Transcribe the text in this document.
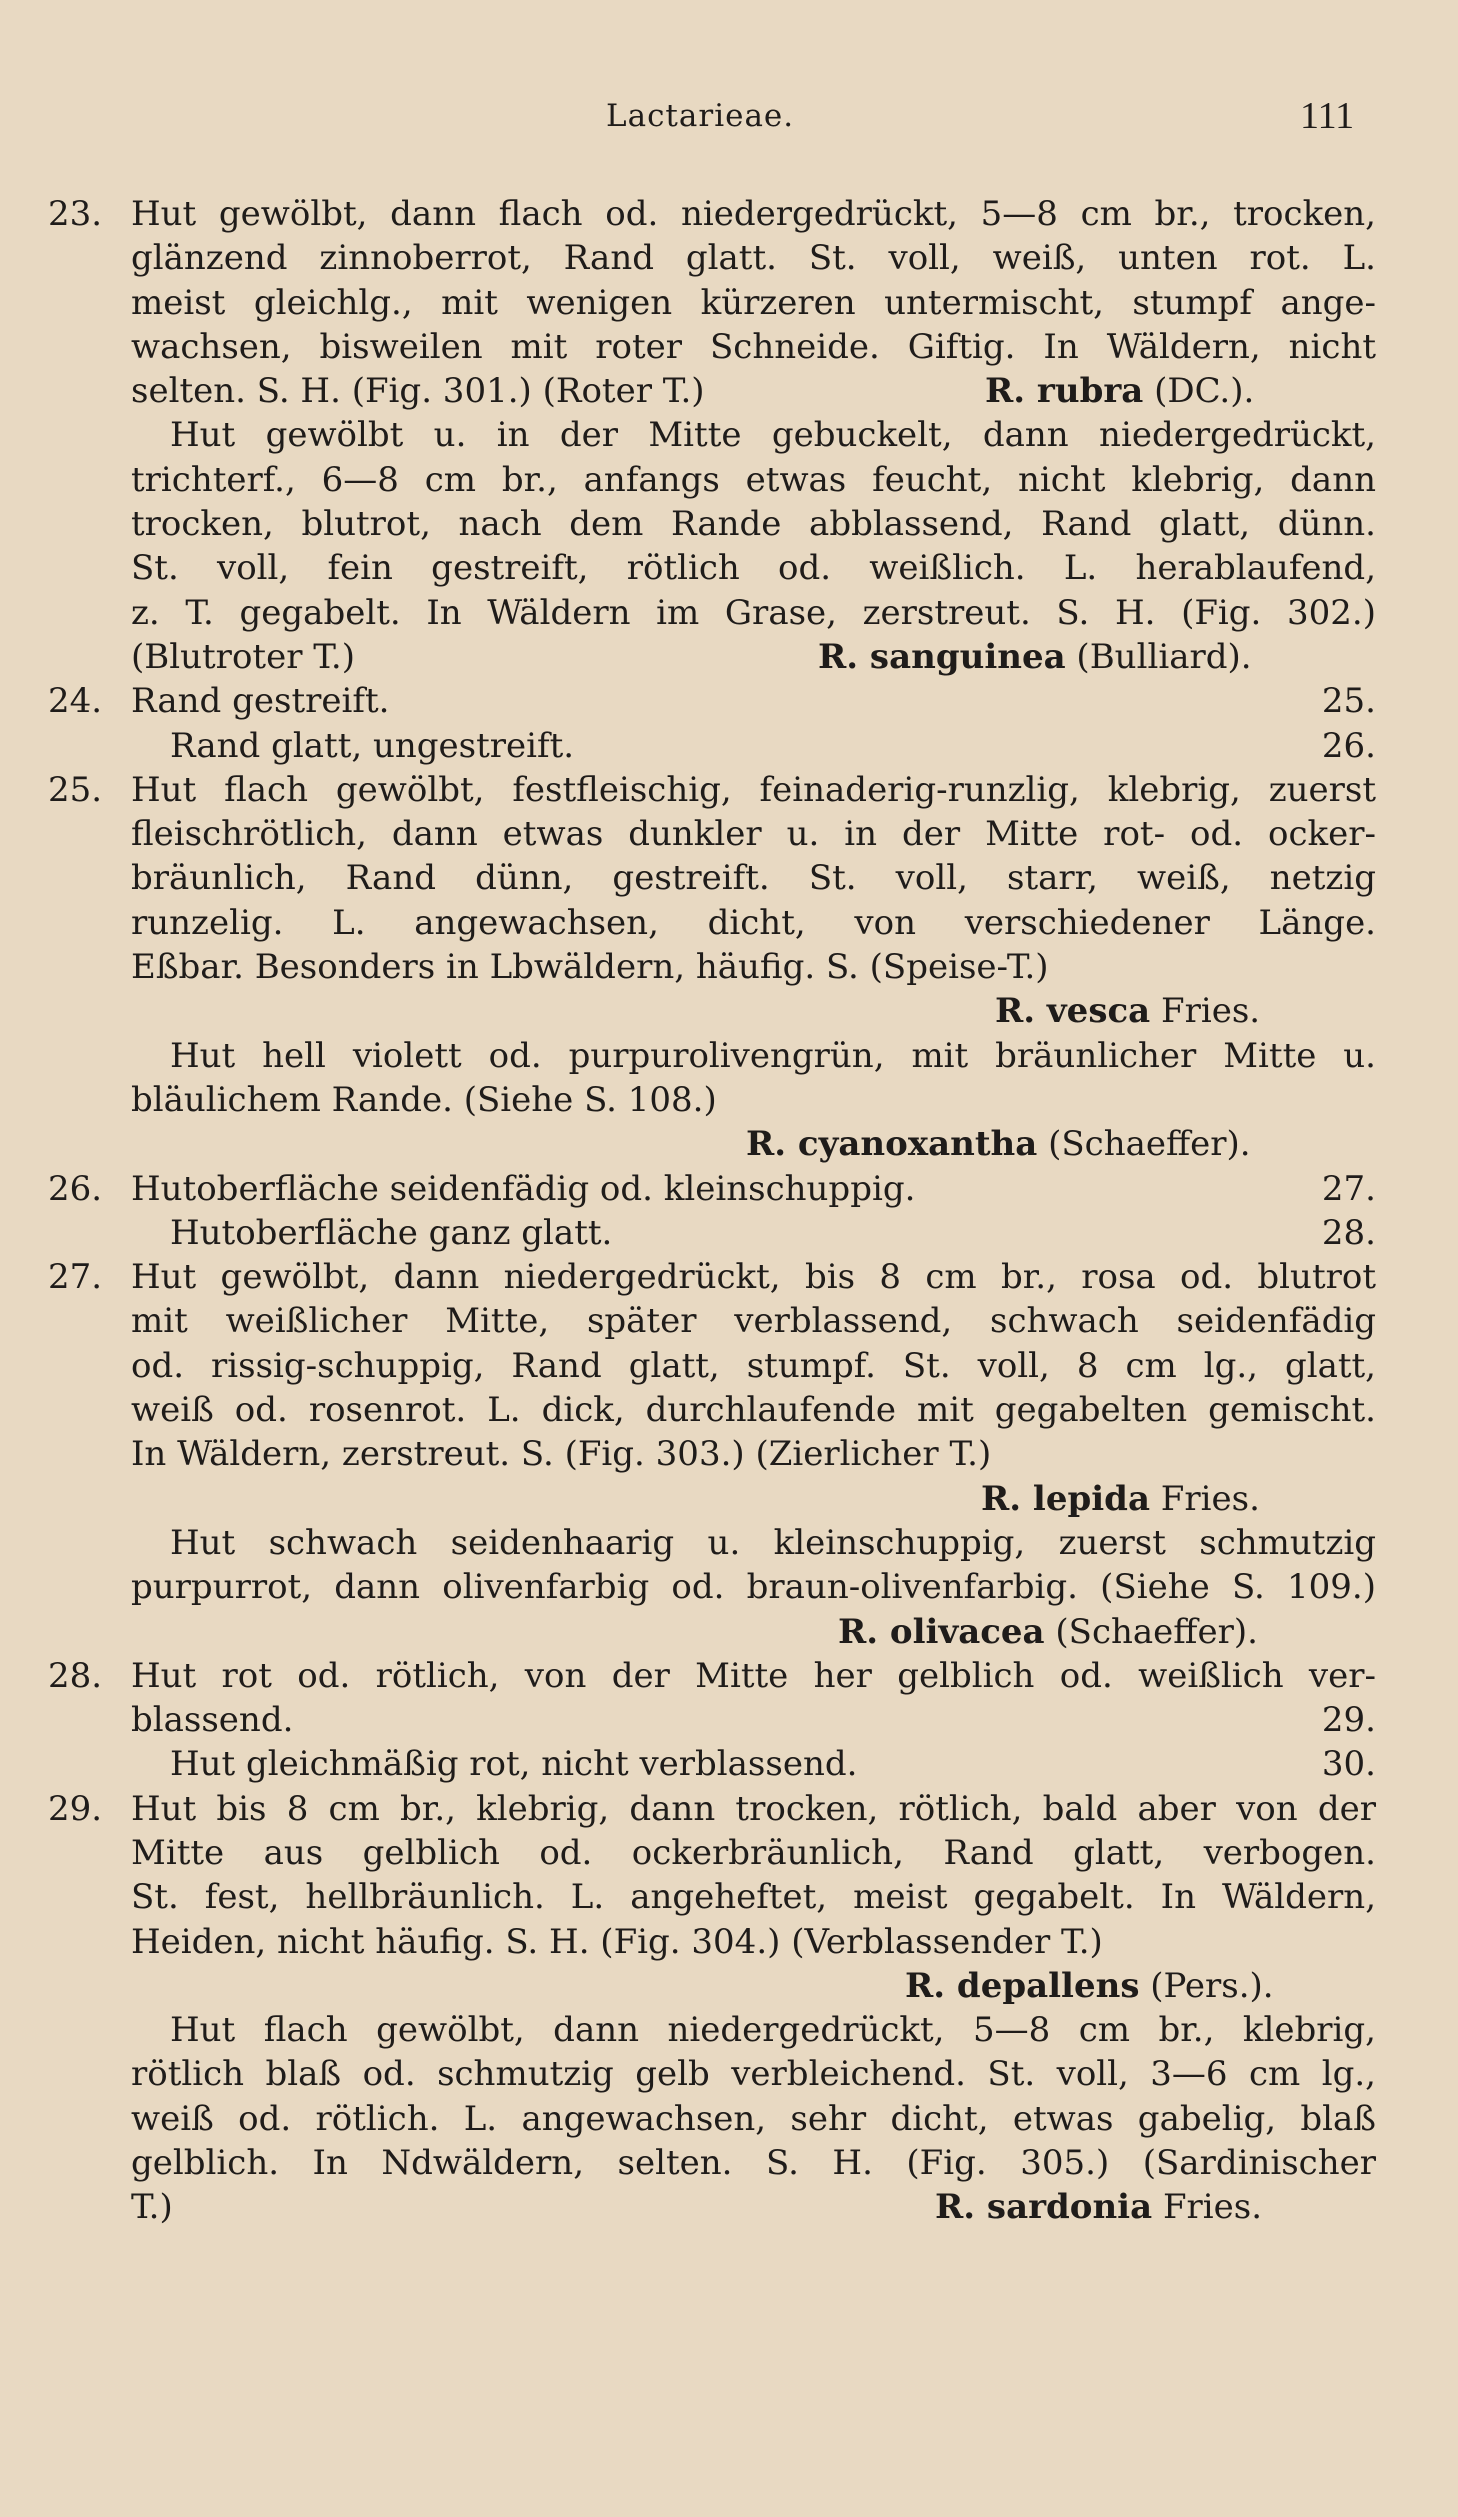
Lactarieae.	111
23. Hut gewölbt, dann flach od. niedergedrückt, 5—8 cm br., trocken,
glänzend zinnoberrot, Rand glatt. St. voll, weiß, unten rot. L.
meist gleichlg., mit wenigen kürzeren untermischt, stumpf ange-
wachsen, bisweilen mit roter Schneide. Giftig. In Wäldern, nicht
selten. S. H. (Fig. 301.) (Roter T.)	R. rubra (DC.).
Hut gewölbt u. in der Mitte gebuckelt, dann niedergedrückt,
trichterf., 6—8 cm br., anfangs etwas feucht, nicht klebrig, dann
trocken, blutrot, nach dem Rande abblassend, Rand glatt, dünn.
St. voll, fein gestreift, rötlich od. weißlich. L. herablaufend,
z. T. gegabelt. In Wäldern im Grase, zerstreut. S. H. (Fig. 302.)
(Blutroter T.)	R. sanguinea (Bulliard).
24. Rand gestreift.	25.
Rand glatt, ungestreift.	26.
25. Hut flach gewölbt, festfleischig, feinaderig-runzlig, klebrig, zuerst
fleischrötlich, dann etwas dunkler u. in der Mitte rot- od. ocker-
bräunlich, Rand dünn, gestreift. St. voll, starr, weiß, netzig
runzelig. L. angewachsen, dicht, von verschiedener Länge.
Eßbar. Besonders in Lbwäldern, häufig. S. (Speise-T.)
R. vesca Fries.
Hut hell violett od. purpurolivengrün, mit bräunlicher Mitte u.
bläulichem Rande. (Siehe S. 108.)
R. cyanoxantha (Schaeffer).
26. Hutoberfläche seidenfädig od. kleinschuppig.	27.
Hutoberfläche ganz glatt.	28.
27. Hut gewölbt, dann niedergedrückt, bis 8 cm br., rosa od. blutrot
mit weißlicher Mitte, später verblassend, schwach seidenfädig
od. rissig-schuppig, Rand glatt, stumpf. St. voll, 8 cm lg., glatt,
weiß od. rosenrot. L. dick, durchlaufende mit gegabelten gemischt.
In Wäldern, zerstreut. S. (Fig. 303.) (Zierlicher T.)
R. lepida Fries.
Hut schwach seidenhaarig u. kleinschuppig, zuerst schmutzig
purpurrot, dann olivenfarbig od. braun-olivenfarbig. (Siehe S. 109.)
R. olivacea (Schaeffer).
28. Hut rot od. rötlich, von der Mitte her gelblich od. weißlich ver-
blassend.	29.
Hut gleichmäßig rot, nicht verblassend.	30.
29. Hut bis 8 cm br., klebrig, dann trocken, rötlich, bald aber von der
Mitte aus gelblich od. ockerbräunlich, Rand glatt, verbogen.
St. fest, hellbräunlich. L. angeheftet, meist gegabelt. In Wäldern,
Heiden, nicht häufig. S. H. (Fig. 304.) (Verblassender T.)
R. depallens (Pers.).
Hut flach gewölbt, dann niedergedrückt, 5—8 cm br., klebrig,
rötlich blaß od. schmutzig gelb verbleichend. St. voll, 3—6 cm lg.,
weiß od. rötlich. L. angewachsen, sehr dicht, etwas gabelig, blaß
gelblich. In Ndwäldern, selten. S. H. (Fig. 305.) (Sardinischer
T.)	R. sardonia Fries.
